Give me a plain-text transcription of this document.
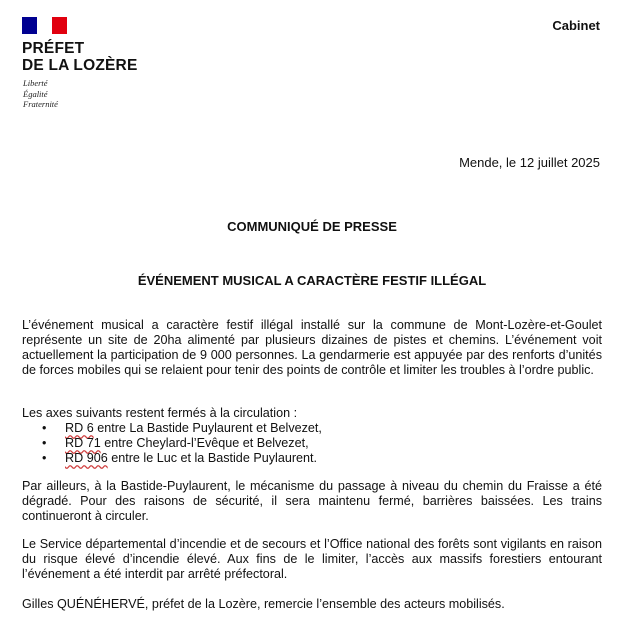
PRÉFET
DE LA LOZÈRE
Liberté
Égalité
Fraternité
Cabinet
Mende, le 12 juillet 2025
COMMUNIQUÉ DE PRESSE
ÉVÉNEMENT MUSICAL A CARACTÈRE FESTIF ILLÉGAL
L’événement musical a caractère festif illégal installé sur la commune de Mont-Lozère-et-Goulet représente un site de 20ha alimenté par plusieurs dizaines de pistes et chemins. L’événement voit actuellement la participation de 9 000 personnes. La gendarmerie est appuyée par des renforts d’unités de forces mobiles qui se relaient pour tenir des points de contrôle et limiter les troubles à l’ordre public.
Les axes suivants restent fermés à la circulation :
•	RD 6 entre La Bastide Puylaurent et Belvezet,
•	RD 71 entre Cheylard-l’Evêque et Belvezet,
•	RD 906 entre le Luc et la Bastide Puylaurent.
Par ailleurs, à la Bastide-Puylaurent, le mécanisme du passage à niveau du chemin du Fraisse a été dégradé. Pour des raisons de sécurité, il sera maintenu fermé, barrières baissées. Les trains continueront à circuler.
Le Service départemental d’incendie et de secours et l’Office national des forêts sont vigilants en raison du risque élevé d’incendie élevé. Aux fins de le limiter, l’accès aux massifs forestiers entourant l’événement a été interdit par arrêté préfectoral.
Gilles QUÉNÉHERVÉ, préfet de la Lozère, remercie l’ensemble des acteurs mobilisés.
